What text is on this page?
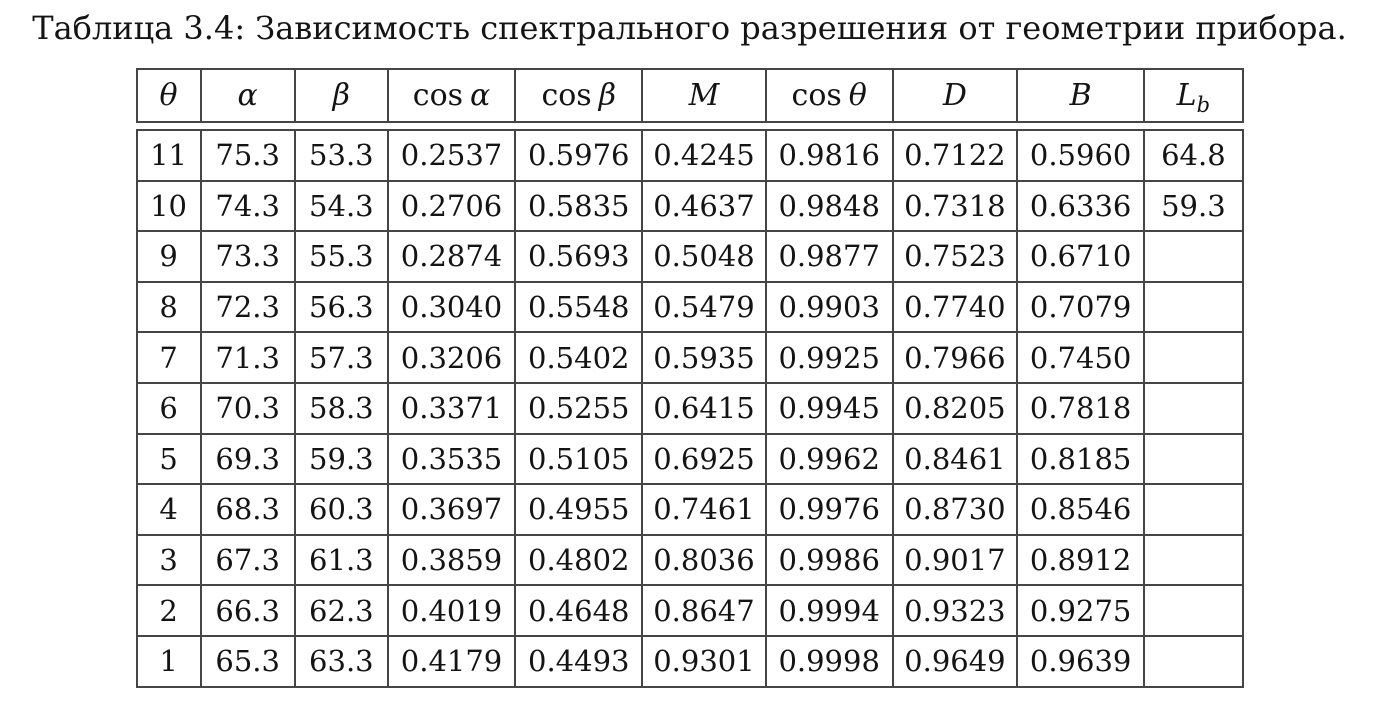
Таблица 3.4: Зависимость спектрального разрешения от геометрии прибора.
θ	α	β	cos α	cos β	M	cos θ	D	B	$L_b$
11	75.3	53.3	0.2537	0.5976	0.4245	0.9816	0.7122	0.5960	64.8
10	74.3	54.3	0.2706	0.5835	0.4637	0.9848	0.7318	0.6336	59.3
9	73.3	55.3	0.2874	0.5693	0.5048	0.9877	0.7523	0.6710	
8	72.3	56.3	0.3040	0.5548	0.5479	0.9903	0.7740	0.7079	
7	71.3	57.3	0.3206	0.5402	0.5935	0.9925	0.7966	0.7450	
6	70.3	58.3	0.3371	0.5255	0.6415	0.9945	0.8205	0.7818	
5	69.3	59.3	0.3535	0.5105	0.6925	0.9962	0.8461	0.8185	
4	68.3	60.3	0.3697	0.4955	0.7461	0.9976	0.8730	0.8546	
3	67.3	61.3	0.3859	0.4802	0.8036	0.9986	0.9017	0.8912	
2	66.3	62.3	0.4019	0.4648	0.8647	0.9994	0.9323	0.9275	
1	65.3	63.3	0.4179	0.4493	0.9301	0.9998	0.9649	0.9639	
